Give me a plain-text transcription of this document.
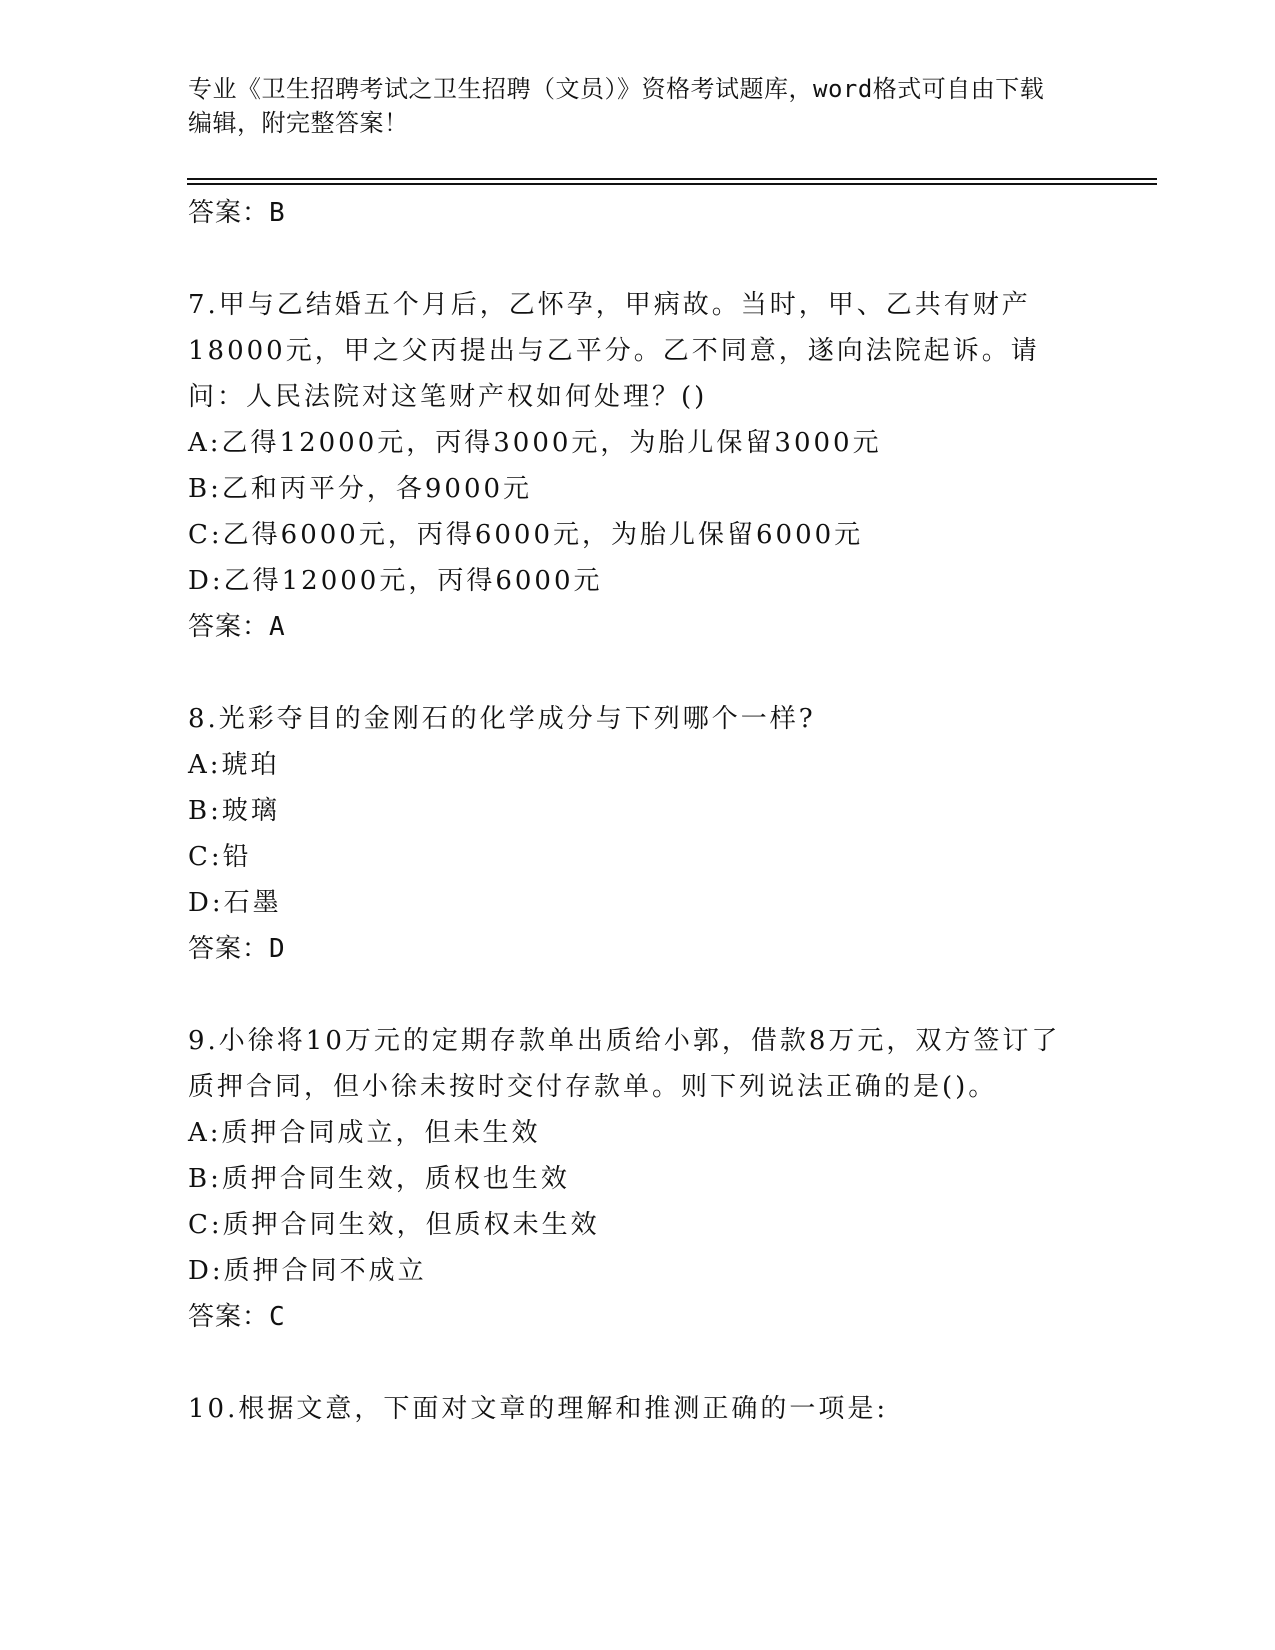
专业《卫生招聘考试之卫生招聘（文员）》资格考试题库，word格式可自由下载
编辑，附完整答案！
答案：B
7.甲与乙结婚五个月后，乙怀孕，甲病故。当时，甲、乙共有财产18000元，甲之父丙提出与乙平分。乙不同意，遂向法院起诉。请问：人民法院对这笔财产权如何处理？()
A:乙得12000元，丙得3000元，为胎儿保留3000元
B:乙和丙平分，各9000元
C:乙得6000元，丙得6000元，为胎儿保留6000元
D:乙得12000元，丙得6000元
答案：A
8.光彩夺目的金刚石的化学成分与下列哪个一样?
A:琥珀
B:玻璃
C:铅
D:石墨
答案：D
9.小徐将10万元的定期存款单出质给小郭，借款8万元，双方签订了质押合同，但小徐未按时交付存款单。则下列说法正确的是()。
A:质押合同成立，但未生效
B:质押合同生效，质权也生效
C:质押合同生效，但质权未生效
D:质押合同不成立
答案：C
10.根据文意，下面对文章的理解和推测正确的一项是:
